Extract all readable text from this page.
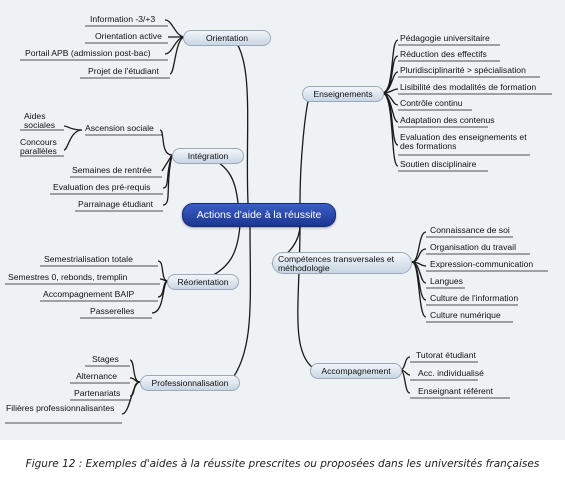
Actions d'aide à la réussite
Orientation
Intégration
Réorientation
Professionnalisation
Enseignements
Compétences transversales et méthodologie
Accompagnement
Information -3/+3
Orientation active
Portail APB (admission post-bac)
Projet de l'étudiant
Ascension sociale
Aides sociales
Concours parallèles
Semaines de rentrée
Evaluation des pré-requis
Parrainage étudiant
Semestrialisation totale
Semestres 0, rebonds, tremplin
Accompagnement BAIP
Passerelles
Stages
Alternance
Partenariats
Filières professionnalisantes
Pédagogie universitaire
Réduction des effectifs
Pluridisciplinarité > spécialisation
Lisibilité des modalités de formation
Contrôle continu
Adaptation des contenus
Evaluation des enseignements et des formations
Soutien disciplinaire
Connaissance de soi
Organisation du travail
Expression-communication
Langues
Culture de l'information
Culture numérique
Tutorat étudiant
Acc. individualisé
Enseignant référent
Figure 12 : Exemples d'aides à la réussite prescrites ou proposées dans les universités françaises
